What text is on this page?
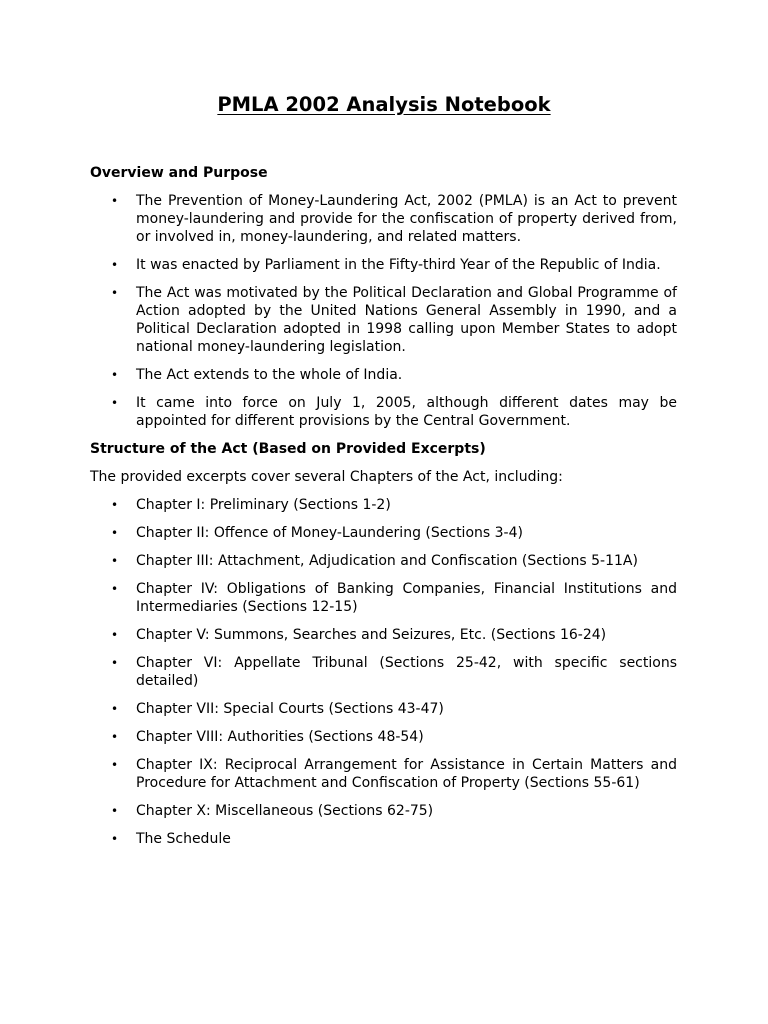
PMLA 2002 Analysis Notebook

Overview and Purpose

• The Prevention of Money-Laundering Act, 2002 (PMLA) is an Act to prevent money-laundering and provide for the confiscation of property derived from, or involved in, money-laundering, and related matters.
• It was enacted by Parliament in the Fifty-third Year of the Republic of India.
• The Act was motivated by the Political Declaration and Global Programme of Action adopted by the United Nations General Assembly in 1990, and a Political Declaration adopted in 1998 calling upon Member States to adopt national money-laundering legislation.
• The Act extends to the whole of India.
• It came into force on July 1, 2005, although different dates may be appointed for different provisions by the Central Government.

Structure of the Act (Based on Provided Excerpts)

The provided excerpts cover several Chapters of the Act, including:

• Chapter I: Preliminary (Sections 1-2)
• Chapter II: Offence of Money-Laundering (Sections 3-4)
• Chapter III: Attachment, Adjudication and Confiscation (Sections 5-11A)
• Chapter IV: Obligations of Banking Companies, Financial Institutions and Intermediaries (Sections 12-15)
• Chapter V: Summons, Searches and Seizures, Etc. (Sections 16-24)
• Chapter VI: Appellate Tribunal (Sections 25-42, with specific sections detailed)
• Chapter VII: Special Courts (Sections 43-47)
• Chapter VIII: Authorities (Sections 48-54)
• Chapter IX: Reciprocal Arrangement for Assistance in Certain Matters and Procedure for Attachment and Confiscation of Property (Sections 55-61)
• Chapter X: Miscellaneous (Sections 62-75)
• The Schedule
